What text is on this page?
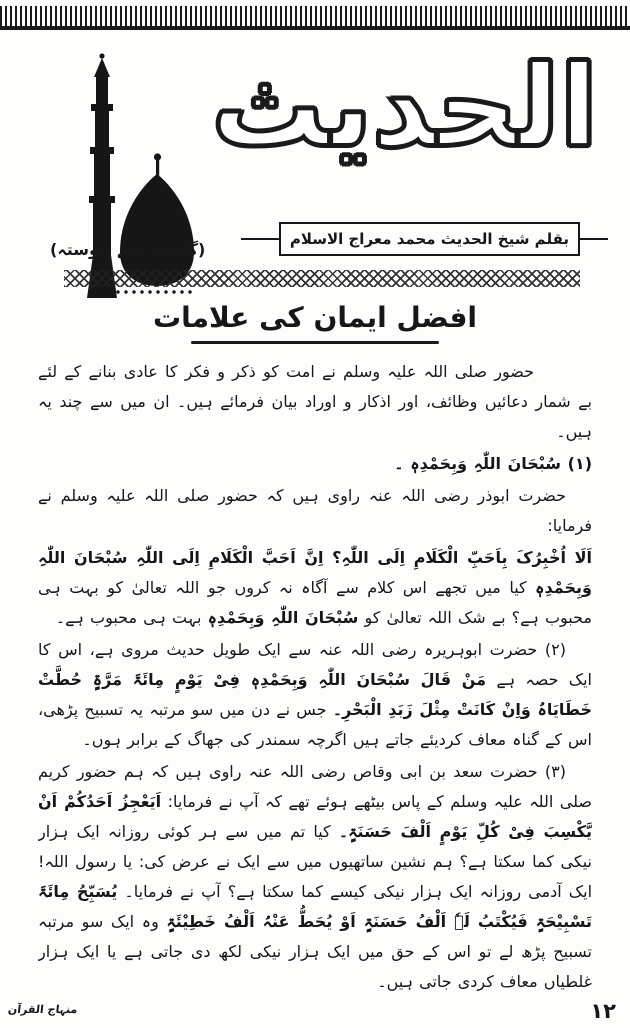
الحدیث
(گذشتہ سے پیوستہ)
بقلم شیخ الحدیث محمد معراج الاسلام
افضل ایمان کی علامات

حضور صلی اللہ علیہ وسلم نے امت کو ذکر و فکر کا عادی بنانے کے لئے بے شمار دعائیں وظائف، اور اذکار و اوراد بیان فرمائے ہیں۔ ان میں سے چند یہ ہیں۔

(۱) سُبْحَانَ اللّٰہِ وَبِحَمْدِہٖ ۔

حضرت ابوذر رضی اللہ عنہ راوی ہیں کہ حضور صلی اللہ علیہ وسلم نے فرمایا:

اَلَا اُخْبِرُکَ بِاَحَبِّ الْکَلَامِ اِلَی اللّٰہِ؟ اِنَّ اَحَبَّ الْکَلَامِ اِلَی اللّٰہِ سُبْحَانَ اللّٰہِ وَبِحَمْدِہٖ کیا میں تجھے اس کلام سے آگاہ نہ کروں جو اللہ تعالیٰ کو بہت ہی محبوب ہے؟ بے شک اللہ تعالیٰ کو سُبْحَانَ اللّٰہِ وَبِحَمْدِہٖ بہت ہی محبوب ہے۔

(۲) حضرت ابوہریرہ رضی اللہ عنہ سے ایک طویل حدیث مروی ہے، اس کا ایک حصہ ہے مَنْ قَالَ سُبْحَانَ اللّٰہِ وَبِحَمْدِہٖ فِیْ یَوْمٍ مِائَۃَ مَرَّۃٍ حُطَّتْ خَطَایَاہُ وَاِنْ کَانَتْ مِثْلَ زَبَدِ الْبَحْرِ۔ جس نے دن میں سو مرتبہ یہ تسبیح پڑھی، اس کے گناہ معاف کردیئے جاتے ہیں اگرچہ سمندر کی جھاگ کے برابر ہوں۔

(۳) حضرت سعد بن ابی وقاص رضی اللہ عنہ راوی ہیں کہ ہم حضور کریم صلی اللہ علیہ وسلم کے پاس بیٹھے ہوئے تھے کہ آپ نے فرمایا: اَیَعْجِزُ اَحَدُکُمْ اَنْ یَّکْسِبَ فِیْ کُلِّ یَوْمٍ اَلْفَ حَسَنَۃٍ۔ کیا تم میں سے ہر کوئی روزانہ ایک ہزار نیکی کما سکتا ہے؟ ہم نشین ساتھیوں میں سے ایک نے عرض کی: یا رسول اللہ! ایک آدمی روزانہ ایک ہزار نیکی کیسے کما سکتا ہے؟ آپ نے فرمایا۔ یُسَبِّحُ مِائَۃَ تَسْبِیْحَۃٍ فَیُکْتَبُ لَہٗ اَلْفُ حَسَنَۃٍ اَوْ یُحَطُّ عَنْہُ اَلْفُ خَطِیْئَۃٍ وہ ایک سو مرتبہ تسبیح پڑھ لے تو اس کے حق میں ایک ہزار نیکی لکھ دی جاتی ہے یا ایک ہزار غلطیاں معاف کردی جاتی ہیں۔

منہاج القرآن	۱۲
